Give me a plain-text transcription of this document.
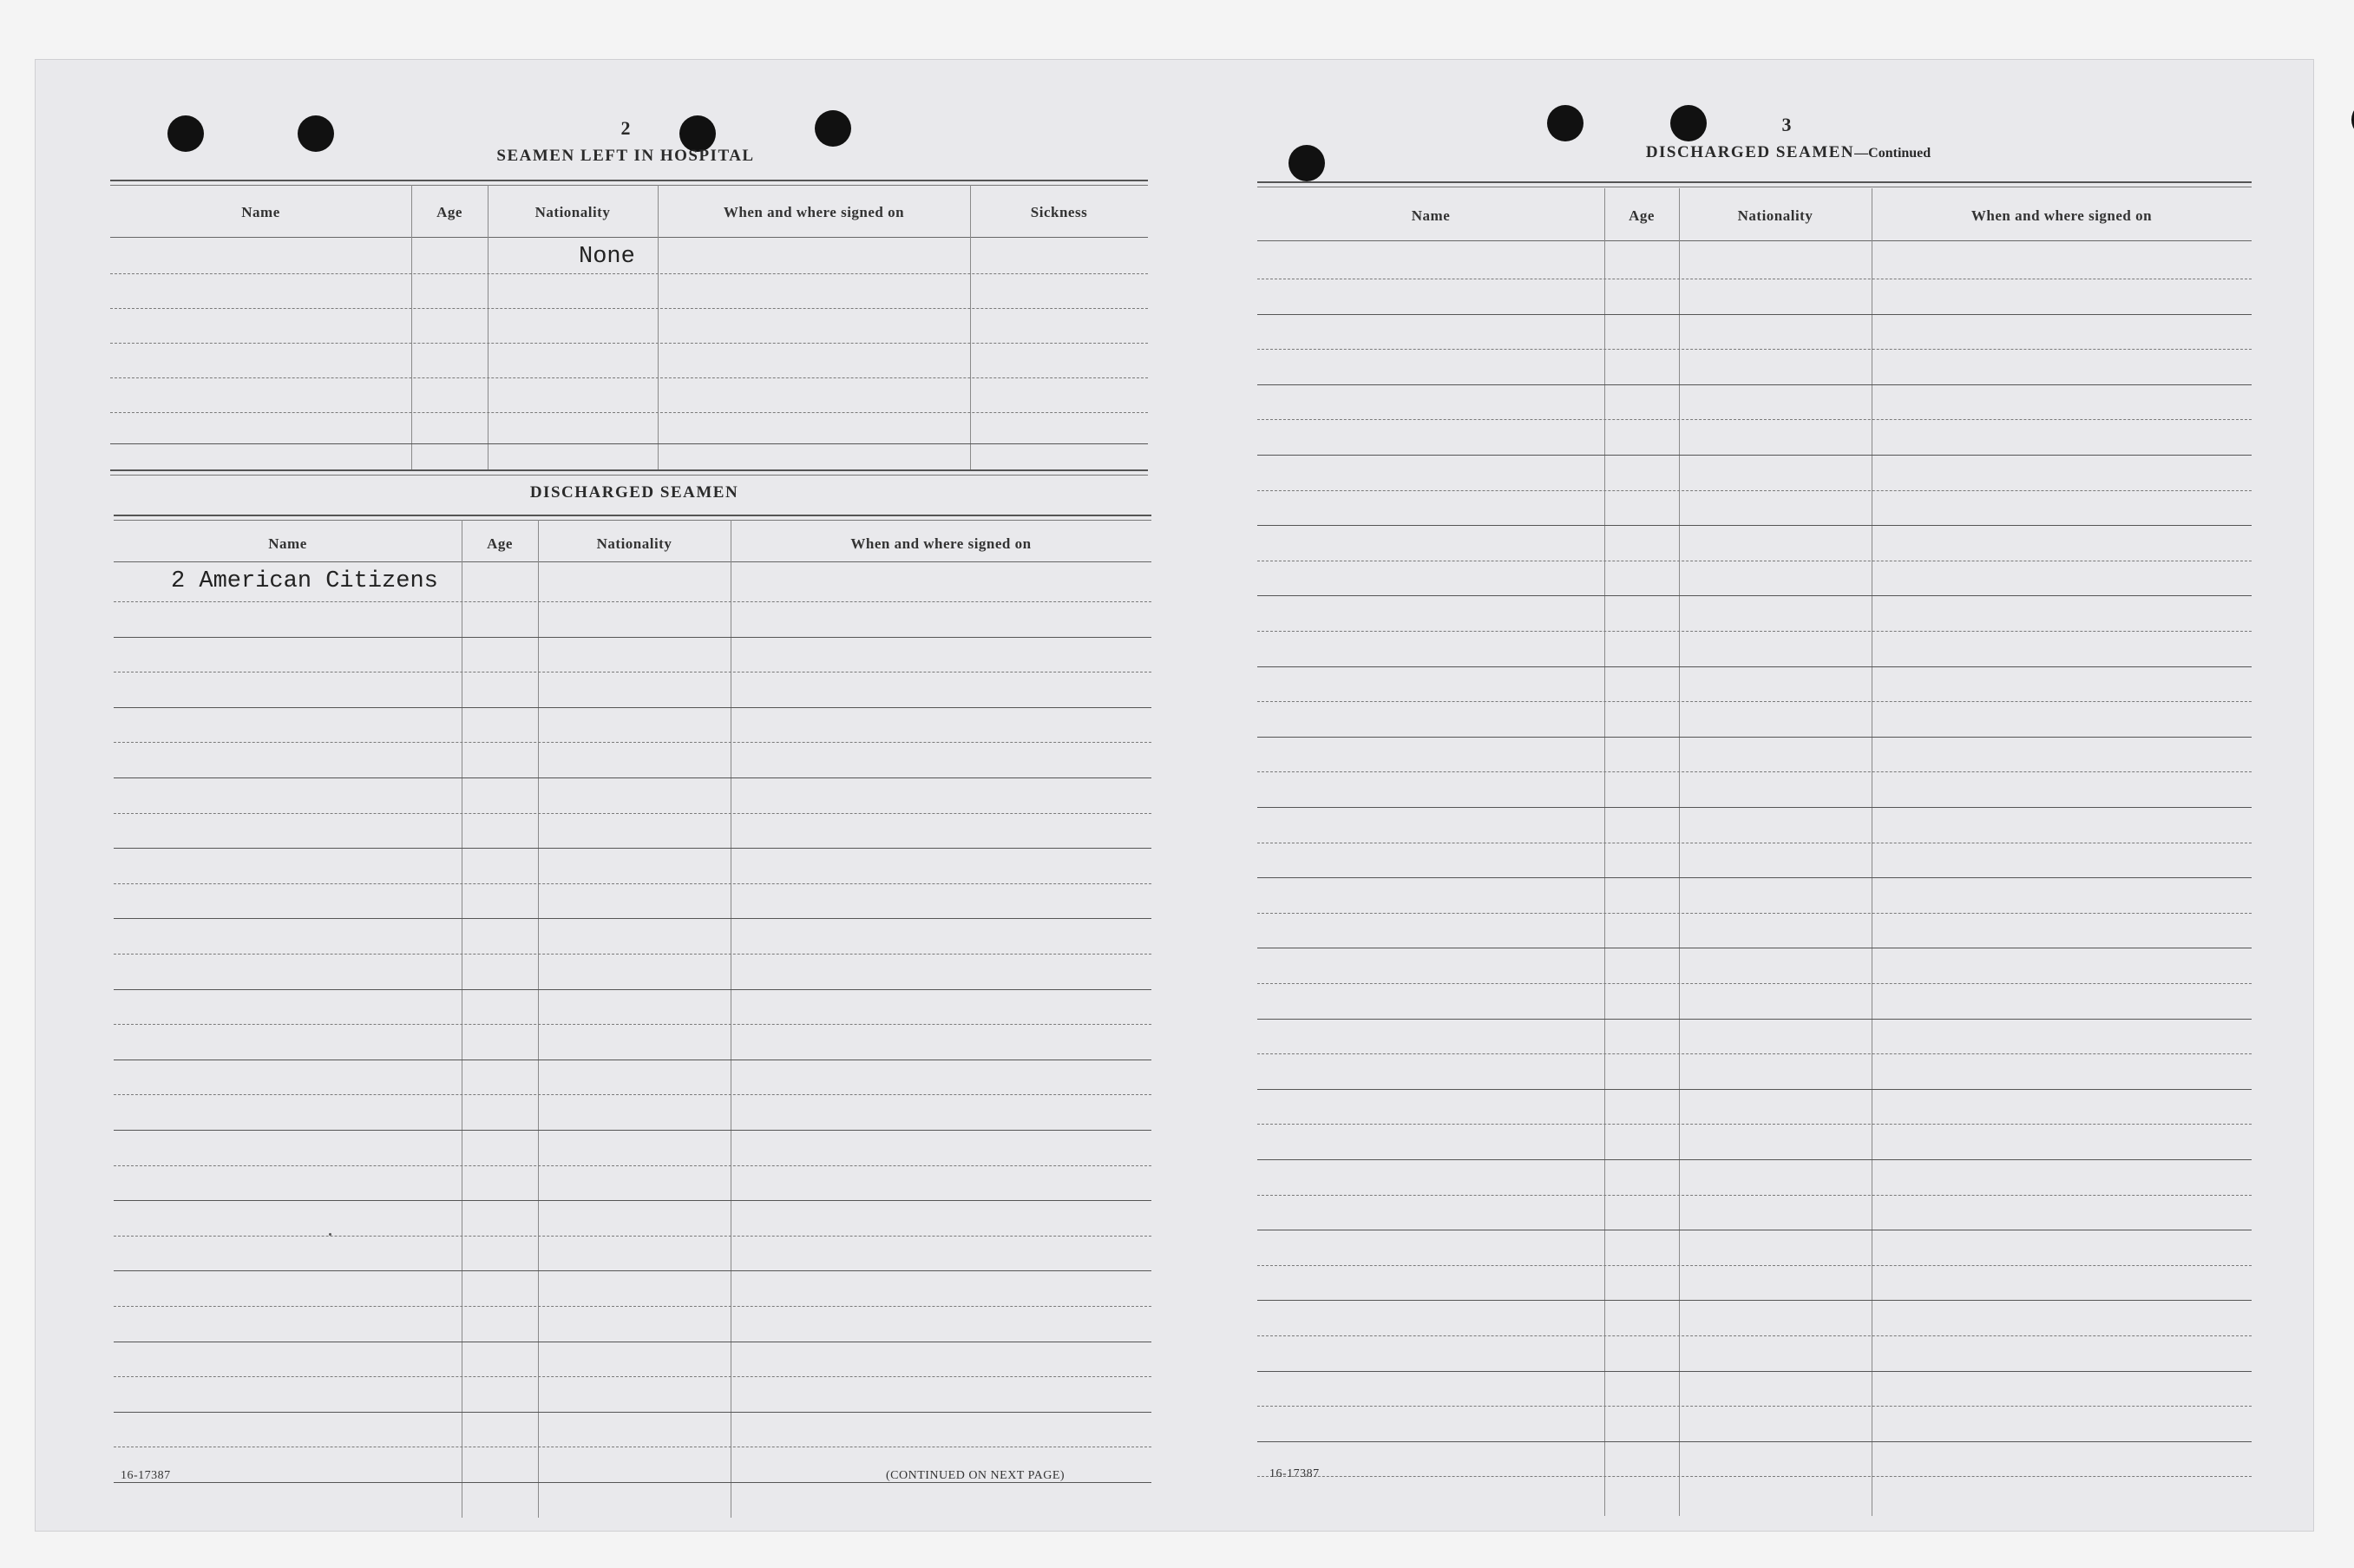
2
SEAMEN LEFT IN HOSPITAL
Name	Age	Nationality	When and where signed on	Sickness
None
DISCHARGED SEAMEN
Name	Age	Nationality	When and where signed on
2 American Citizens
16-17387	(CONTINUED ON NEXT PAGE)
3
DISCHARGED SEAMEN—Continued
Name	Age	Nationality	When and where signed on
16-17387
